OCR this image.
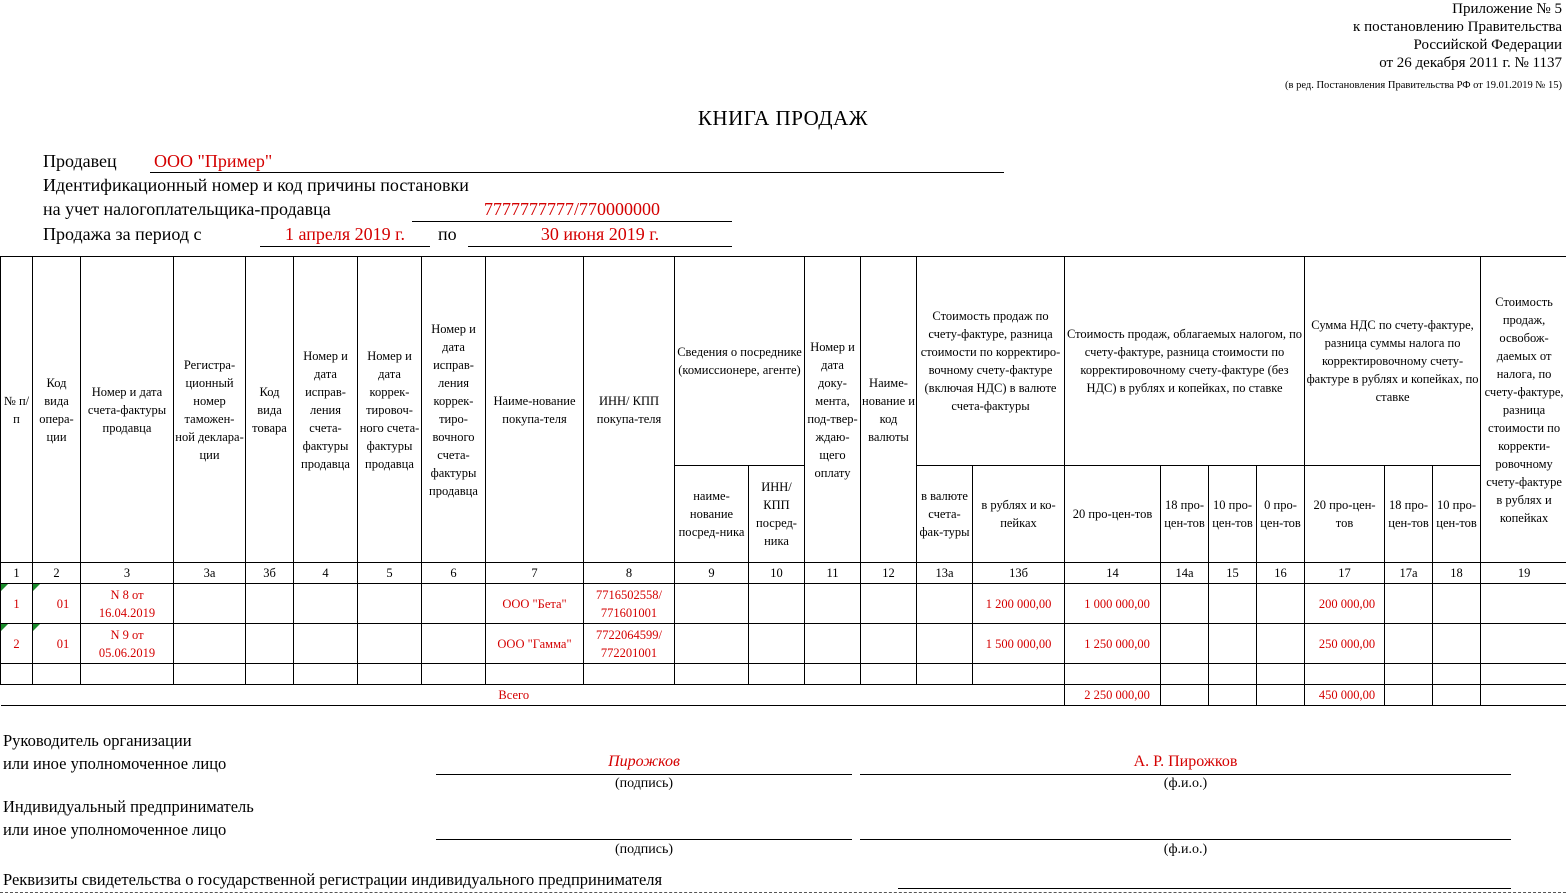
Приложение № 5
к постановлению Правительства
Российской Федерации
от 26 декабря 2011 г. № 1137
(в ред. Постановления Правительства РФ от 19.01.2019 № 15)
КНИГА ПРОДАЖ
Продавец ООО "Пример"
Идентификационный номер и код причины постановки
на учет налогоплательщика-продавца	7777777777/770000000
Продажа за период с	1 апреля 2019 г.	по	30 июня 2019 г.
№ п/п	Код вида опера-ции	Номер и дата счета-фактуры продавца	Регистра-ционный номер таможен-ной деклара-ции	Код вида товара	Номер и дата исправ-ления счета-фактуры продавца	Номер и дата коррек-тировоч-ного счета-фактуры продавца	Номер и дата исправ-ления коррек-тиро-вочного счета-фактуры продавца	Наиме-нование покупа-теля	ИНН/ КПП покупа-теля	Сведения о посреднике (комиссионере, агенте)		Номер и дата доку-мента, под-твер-ждаю-щего оплату	Наиме-нование и код валюты	Стоимость продаж по счету-фактуре, разница стоимости по корректиро-вочному счету-фактуре (включая НДС) в валюте счета-фактуры		Стоимость продаж, облагаемых налогом, по счету-фактуре, разница стоимости по корректировочному счету-фактуре (без НДС) в рублях и копейках, по ставке				Сумма НДС по счету-фактуре, разница суммы налога по корректировочному счету-фактуре в рублях и копейках, по ставке			Стоимость продаж, освобож-даемых от налога, по счету-фактуре, разница стоимости по корректи-ровочному счету-фактуре в рублях и копейках
										наиме-нование посред-ника	ИНН/ КПП посред-ника			в валюте счета-фак-туры	в рублях и ко-пейках	20 про-цен-тов	18 про-цен-тов	10 про-цен-тов	0 про-цен-тов	20 про-цен-тов	18 про-цен-тов	10 про-цен-тов	
1	2	3	3а	3б	4	5	6	7	8	9	10	11	12	13а	13б	14	14а	15	16	17	17а	18	19
1	01	N 8 от 16.04.2019						ООО "Бета"	7716502558/ 771601001						1 200 000,00	1 000 000,00				200 000,00			
2	01	N 9 от 05.06.2019						ООО "Гамма"	7722064599/ 772201001						1 500 000,00	1 250 000,00				250 000,00			

Всего																2 250 000,00				450 000,00			
Руководитель организации
или иное уполномоченное лицо	Пирожков	А. Р. Пирожков
(подпись)	(ф.и.о.)
Индивидуальный предприниматель
или иное уполномоченное лицо
(подпись)	(ф.и.о.)
Реквизиты свидетельства о государственной регистрации индивидуального предпринимателя
